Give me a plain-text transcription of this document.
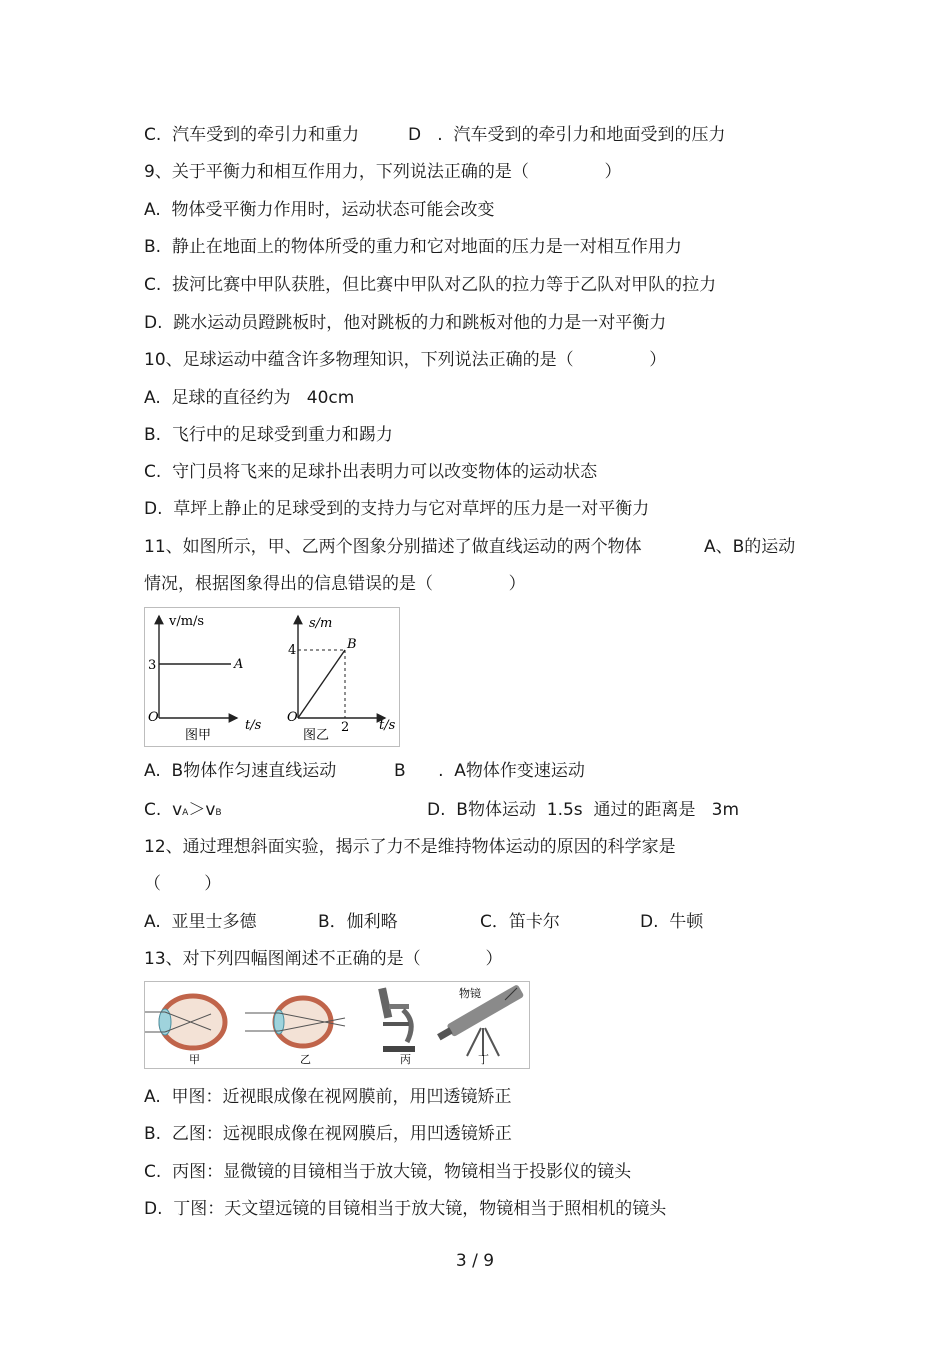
C.  汽车受到的牵引力和重力	D   .  汽车受到的牵引力和地面受到的压力
9、关于平衡力和相互作用力，下列说法正确的是（              ）
A.  物体受平衡力作用时，运动状态可能会改变
B.  静止在地面上的物体所受的重力和它对地面的压力是一对相互作用力
C.  拔河比赛中甲队获胜，但比赛中甲队对乙队的拉力等于乙队对甲队的拉力
D.  跳水运动员蹬跳板时，他对跳板的力和跳板对他的力是一对平衡力
10、足球运动中蕴含许多物理知识，下列说法正确的是（              ）
A.  足球的直径约为   40cm
B.  飞行中的足球受到重力和踢力
C.  守门员将飞来的足球扑出表明力可以改变物体的运动状态
D.  草坪上静止的足球受到的支持力与它对草坪的压力是一对平衡力
11、如图所示，甲、乙两个图象分别描述了做直线运动的两个物体	A、B的运动
情况，根据图象得出的信息错误的是（              ）
v/m/s
3	A
O
t/s
图甲
s/m
4	B
O
2 t/s
图乙
A.  B物体作匀速直线运动	B      .  A物体作变速运动
C.  vA＞vB	D.  B物体运动  1.5s  通过的距离是   3m
12、通过理想斜面实验，揭示了力不是维持物体运动的原因的科学家是
（        ）
A.  亚里士多德	B．伽利略	C．笛卡尔	D.  牛顿
13、对下列四幅图阐述不正确的是（            ）
甲	乙	丙
物镜
丁
A.  甲图：近视眼成像在视网膜前，用凹透镜矫正
B.  乙图：远视眼成像在视网膜后，用凹透镜矫正
C.  丙图：显微镜的目镜相当于放大镜，物镜相当于投影仪的镜头
D.  丁图：天文望远镜的目镜相当于放大镜，物镜相当于照相机的镜头
3 / 9
